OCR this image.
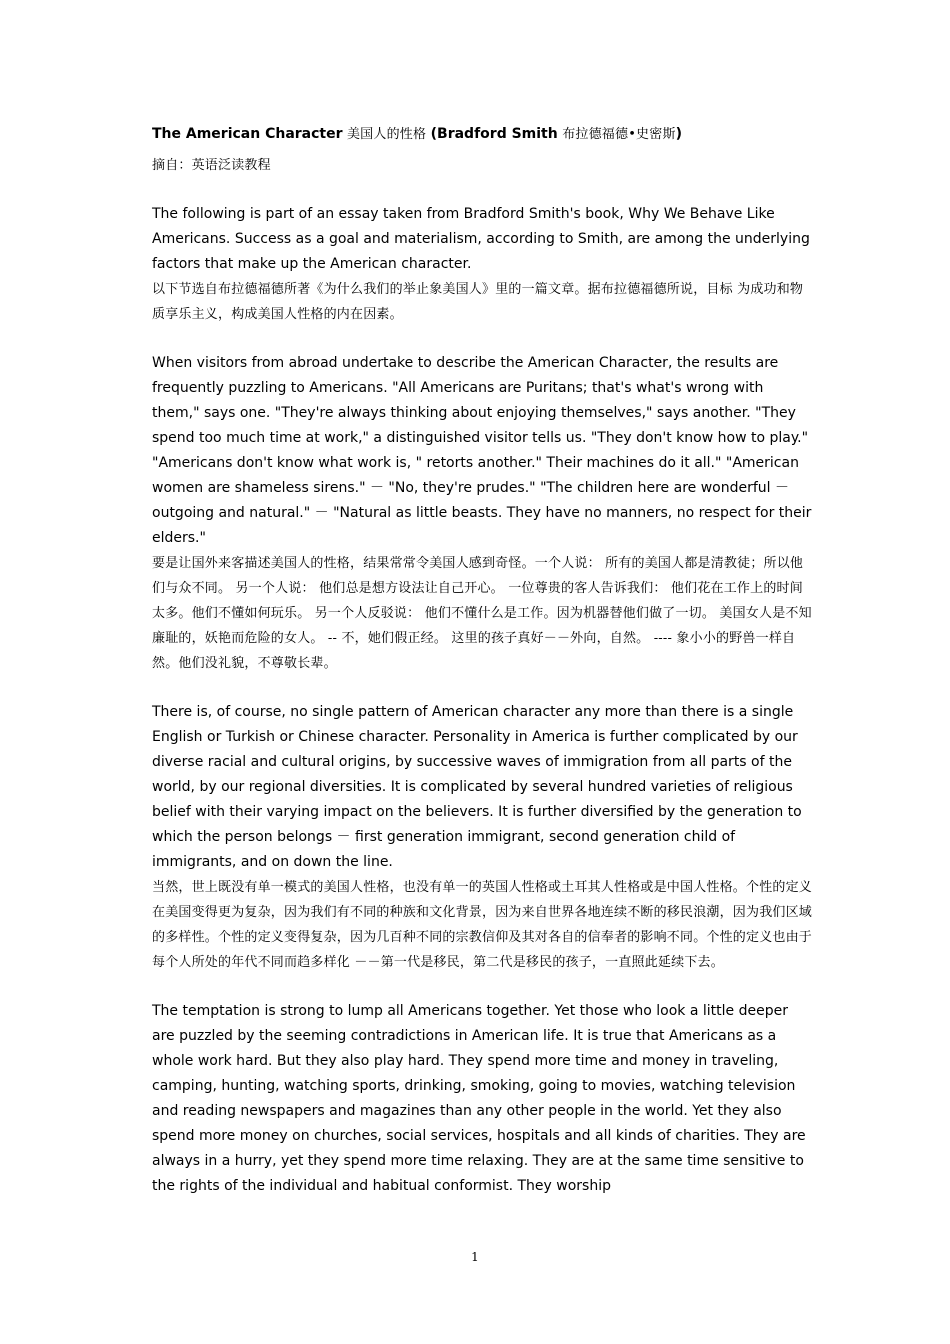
The American Character 美国人的性格 (Bradford Smith 布拉德福德•史密斯)

摘自：英语泛读教程

The following is part of an essay taken from Bradford Smith's book, Why We Behave Like Americans. Success as a goal and materialism, according to Smith, are among the underlying factors that make up the American character.

以下节选自布拉德福德所著《为什么我们的举止象美国人》里的一篇文章。据布拉德福德所说，目标 为成功和物质享乐主义，构成美国人性格的内在因素。

When visitors from abroad undertake to describe the American Character, the results are frequently puzzling to Americans. "All Americans are Puritans; that's what's wrong with them," says one. "They're always thinking about enjoying themselves," says another. "They spend too much time at work," a distinguished visitor tells us. "They don't know how to play." "Americans don't know what work is, " retorts another." Their machines do it all." "American women are shameless sirens." － "No, they're prudes." "The children here are wonderful － outgoing and natural." － "Natural as little beasts. They have no manners, no respect for their elders."

要是让国外来客描述美国人的性格，结果常常令美国人感到奇怪。一个人说： 所有的美国人都是清教徒；所以他们与众不同。 另一个人说： 他们总是想方设法让自己开心。 一位尊贵的客人告诉我们： 他们花在工作上的时间太多。他们不懂如何玩乐。 另一个人反驳说： 他们不懂什么是工作。因为机器替他们做了一切。 美国女人是不知廉耻的，妖艳而危险的女人。 -- 不，她们假正经。 这里的孩子真好－－外向，自然。 ---- 象小小的野兽一样自然。他们没礼貌，不尊敬长辈。

There is, of course, no single pattern of American character any more than there is a single English or Turkish or Chinese character. Personality in America is further complicated by our diverse racial and cultural origins, by successive waves of immigration from all parts of the world, by our regional diversities. It is complicated by several hundred varieties of religious belief with their varying impact on the believers. It is further diversified by the generation to which the person belongs － first generation immigrant, second generation child of immigrants, and on down the line.

当然，世上既没有单一模式的美国人性格，也没有单一的英国人性格或土耳其人性格或是中国人性格。个性的定义在美国变得更为复杂，因为我们有不同的种族和文化背景，因为来自世界各地连续不断的移民浪潮，因为我们区域的多样性。个性的定义变得复杂，因为几百种不同的宗教信仰及其对各自的信奉者的影响不同。个性的定义也由于每个人所处的年代不同而趋多样化 －－第一代是移民，第二代是移民的孩子，一直照此延续下去。

The temptation is strong to lump all Americans together. Yet those who look a little deeper are puzzled by the seeming contradictions in American life. It is true that Americans as a whole work hard. But they also play hard. They spend more time and money in traveling, camping, hunting, watching sports, drinking, smoking, going to movies, watching television and reading newspapers and magazines than any other people in the world. Yet they also spend more money on churches, social services, hospitals and all kinds of charities. They are always in a hurry, yet they spend more time relaxing. They are at the same time sensitive to the rights of the individual and habitual conformist. They worship

1
